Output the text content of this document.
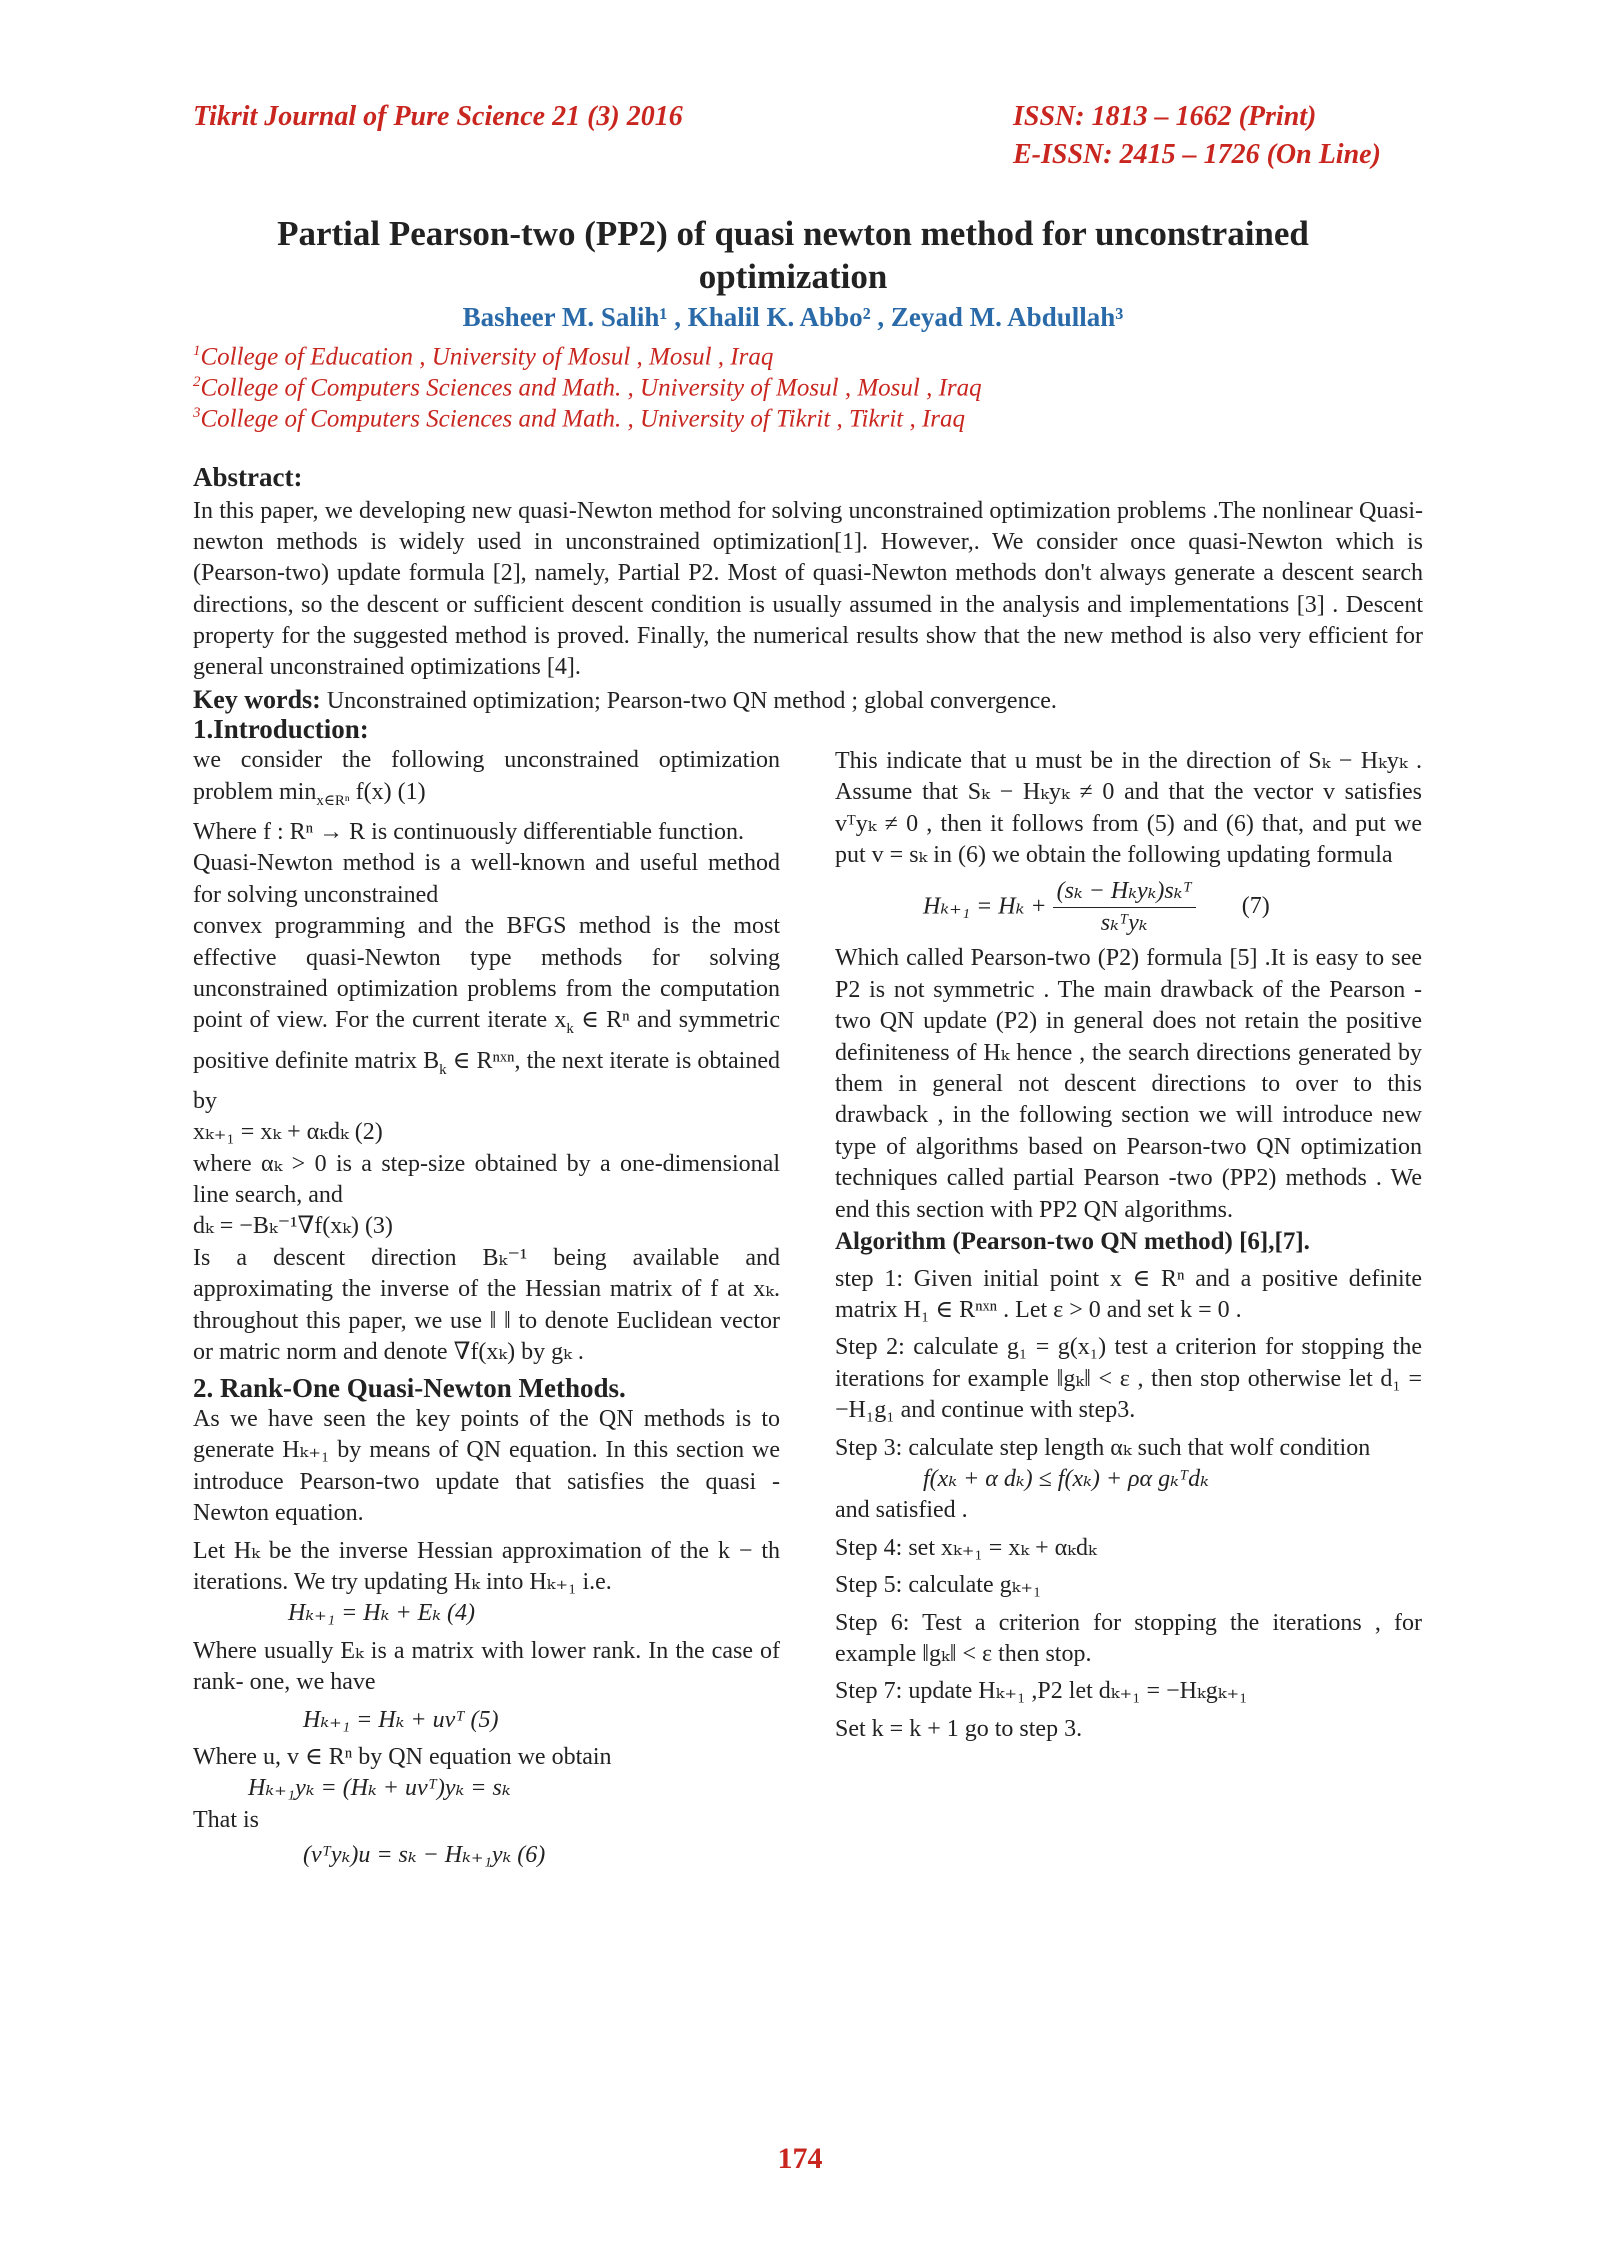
Tikrit Journal of Pure Science 21 (3) 2016	ISSN: 1813 – 1662 (Print)
E-ISSN: 2415 – 1726 (On Line)
Partial Pearson-two (PP2) of quasi newton method for unconstrained optimization
Basheer M. Salih¹ , Khalil K. Abbo² , Zeyad M. Abdullah³
$^1$College of Education , University of Mosul , Mosul , Iraq
$^2$College of Computers Sciences and Math. , University of Mosul , Mosul , Iraq
$^3$College of Computers Sciences and Math. , University of Tikrit , Tikrit , Iraq
Abstract:
In this paper, we developing new quasi-Newton method for solving unconstrained optimization problems .The nonlinear Quasi-newton methods is widely used in unconstrained optimization[1]. However,. We consider once quasi-Newton which is (Pearson-two) update formula [2], namely, Partial P2. Most of quasi-Newton methods don't always generate a descent search directions, so the descent or sufficient descent condition is usually assumed in the analysis and implementations [3] . Descent property for the suggested method is proved. Finally, the numerical results show that the new method is also very efficient for general unconstrained optimizations [4].
Key words: Unconstrained optimization; Pearson-two QN method ; global convergence.
1.Introduction:
we consider the following unconstrained optimization problem $\min_{x\in R^n} f(x)$ (1)
Where f : Rⁿ → R is continuously differentiable function.
Quasi-Newton method is a well-known and useful method for solving unconstrained
convex programming and the BFGS method is the most effective quasi-Newton type methods for solving unconstrained optimization problems from the computation point of view. For the current iterate $x_k$ ∈ Rⁿ and symmetric positive definite matrix $B_k$ ∈ Rⁿˣⁿ, the next iterate is obtained by
xₖ₊₁ = xₖ + αₖdₖ (2)
where αₖ > 0 is a step-size obtained by a one-dimensional line search, and
dₖ = −Bₖ⁻¹∇f(xₖ) (3)
Is a descent direction Bₖ⁻¹ being available and approximating the inverse of the Hessian matrix of f at xₖ. throughout this paper, we use ‖ ‖ to denote Euclidean vector or matric norm and denote ∇f(xₖ) by gₖ .
2. Rank-One Quasi-Newton Methods.
As we have seen the key points of the QN methods is to generate Hₖ₊₁ by means of QN equation. In this section we introduce Pearson-two update that satisfies the quasi -Newton equation.
Let Hₖ be the inverse Hessian approximation of the k − th iterations. We try updating Hₖ into Hₖ₊₁ i.e.
Hₖ₊₁ = Hₖ + Eₖ (4)
Where usually Eₖ is a matrix with lower rank. In the case of rank- one, we have
Hₖ₊₁ = Hₖ + uvᵀ (5)
Where u, v ∈ Rⁿ by QN equation we obtain
Hₖ₊₁yₖ = (Hₖ + uvᵀ)yₖ = sₖ
That is
(vᵀyₖ)u = sₖ − Hₖ₊₁yₖ (6)
This indicate that u must be in the direction of Sₖ − Hₖyₖ . Assume that Sₖ − Hₖyₖ ≠ 0 and that the vector v satisfies vᵀyₖ ≠ 0 , then it follows from (5) and (6) that, and put we put v = sₖ in (6) we obtain the following updating formula
$H_{k+1} = H_k + \frac{\text{(sₖ − Hₖyₖ)sₖᵀ}}{\text{sₖᵀyₖ}} (7)$
Which called Pearson-two (P2) formula [5] .It is easy to see P2 is not symmetric . The main drawback of the Pearson -two QN update (P2) in general does not retain the positive definiteness of Hₖ hence , the search directions generated by them in general not descent directions to over to this drawback , in the following section we will introduce new type of algorithms based on Pearson-two QN optimization techniques called partial Pearson -two (PP2) methods . We end this section with PP2 QN algorithms.
Algorithm (Pearson-two QN method) [6],[7].
step 1: Given initial point x ∈ Rⁿ and a positive definite matrix H₁ ∈ Rⁿˣⁿ . Let ε > 0 and set k = 0 .
Step 2: calculate g₁ = g(x₁) test a criterion for stopping the iterations for example ‖gₖ‖ < ε , then stop otherwise let d₁ = −H₁g₁ and continue with step3.
Step 3: calculate step length αₖ such that wolf condition
f(xₖ + α dₖ) ≤ f(xₖ) + ρα gₖᵀdₖ
and satisfied .
Step 4: set xₖ₊₁ = xₖ + αₖdₖ
Step 5: calculate gₖ₊₁
Step 6: Test a criterion for stopping the iterations , for example ‖gₖ‖ < ε then stop.
Step 7: update Hₖ₊₁ ,P2 let dₖ₊₁ = −Hₖgₖ₊₁
Set k = k + 1 go to step 3.
174
